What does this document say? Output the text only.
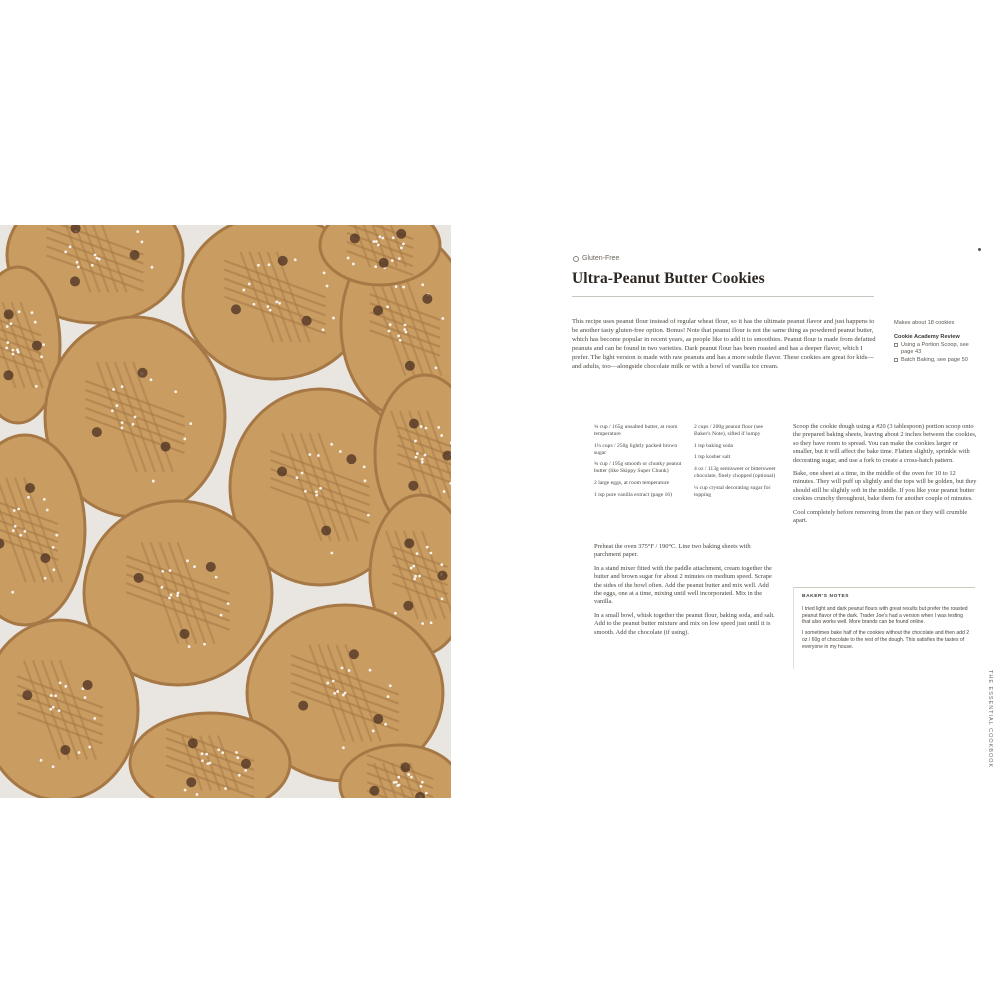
Gluten-Free
Ultra-Peanut Butter Cookies

This recipe uses peanut flour instead of regular wheat flour, so it has the ultimate peanut flavor and just happens to be another tasty gluten-free option. Bonus! Note that peanut flour is not the same thing as powdered peanut butter, which has become popular in recent years, as people like to add it to smoothies. Peanut flour is made from defatted peanuts and can be found in two varieties. Dark peanut flour has been roasted and has a deeper flavor, which I prefer. The light version is made with raw peanuts and has a more subtle flavor. These cookies are great for kids—and adults, too—alongside chocolate milk or with a bowl of vanilla ice cream.

Makes about 18 cookies
Cookie Academy Review
Using a Portion Scoop, see page 43
Batch Baking, see page 50
¾ cup / 165g unsalted butter, at room temperature
1¼ cups / 250g lightly packed brown sugar
¾ cup / 195g smooth or chunky peanut butter (like Skippy Super Chunk)
2 large eggs, at room temperature
1 tsp pure vanilla extract (page 16)
2 cups / 200g peanut flour (see Baker's Note), sifted if lumpy
1 tsp baking soda
1 tsp kosher salt
4 oz / 113g semisweet or bittersweet chocolate, finely chopped (optional)
¼ cup crystal decorating sugar for topping

Preheat the oven 375°F / 190°C. Line two baking sheets with parchment paper.

In a stand mixer fitted with the paddle attachment, cream together the butter and brown sugar for about 2 minutes on medium speed. Scrape the sides of the bowl often. Add the peanut butter and mix well. Add the eggs, one at a time, mixing until well incorporated. Mix in the vanilla.

In a small bowl, whisk together the peanut flour, baking soda, and salt. Add to the peanut butter mixture and mix on low speed just until it is smooth. Add the chocolate (if using).

Scoop the cookie dough using a #20 (3 tablespoon) portion scoop onto the prepared baking sheets, leaving about 2 inches between the cookies, so they have room to spread. You can make the cookies larger or smaller, but it will affect the bake time. Flatten slightly, sprinkle with decorating sugar, and use a fork to create a cross-hatch pattern.

Bake, one sheet at a time, in the middle of the oven for 10 to 12 minutes. They will puff up slightly and the tops will be golden, but they should still be slightly soft in the middle. If you like your peanut butter cookies crunchy throughout, bake them for another couple of minutes.

Cool completely before removing from the pan or they will crumble apart.

BAKER'S NOTES

I tried light and dark peanut flours with great results but prefer the roasted peanut flavor of the dark. Trader Joe's had a version when I was testing that also works well. More brands can be found online.

I sometimes bake half of the cookies without the chocolate and then add 2 oz / 60g of chocolate to the rest of the dough. This satisfies the tastes of everyone in my house.

THE ESSENTIAL COOKBOOK
